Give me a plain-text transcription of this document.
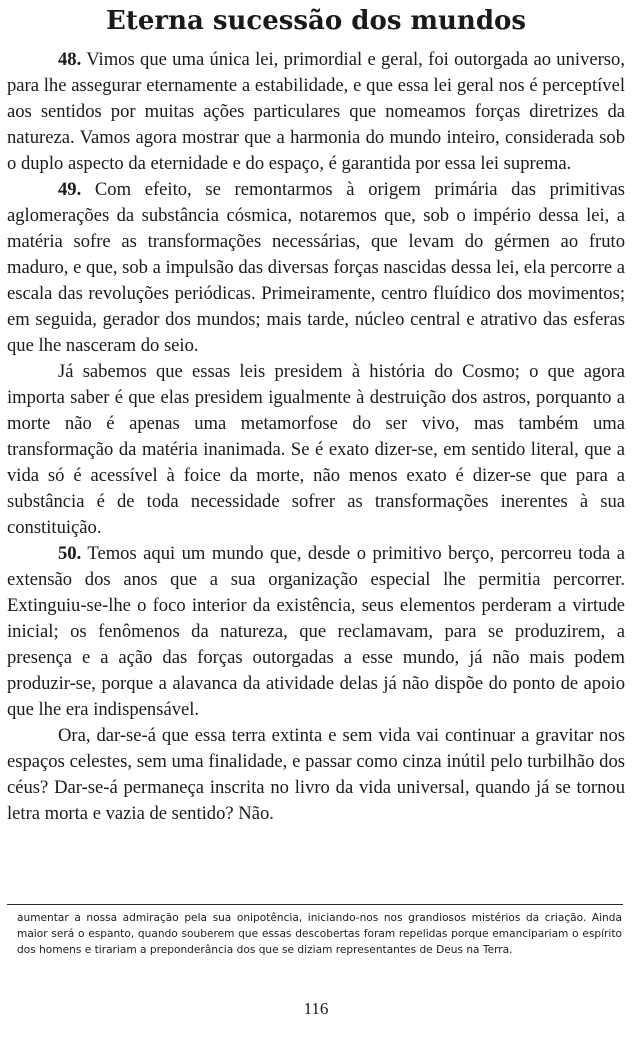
Eterna sucessão dos mundos

48. Vimos que uma única lei, primordial e geral, foi outorgada ao universo, para lhe assegurar eternamente a estabilidade, e que essa lei geral nos é perceptível aos sentidos por muitas ações particulares que nomeamos forças diretrizes da natureza. Vamos agora mostrar que a harmonia do mundo inteiro, considerada sob o duplo aspecto da eternidade e do espaço, é garantida por essa lei suprema.

49. Com efeito, se remontarmos à origem primária das primitivas aglomerações da substância cósmica, notaremos que, sob o império dessa lei, a matéria sofre as transformações necessárias, que levam do gérmen ao fruto maduro, e que, sob a impulsão das diversas forças nascidas dessa lei, ela percorre a escala das revoluções periódicas. Primeiramente, centro fluídico dos movimentos; em seguida, gerador dos mundos; mais tarde, núcleo central e atrativo das esferas que lhe nasceram do seio.

Já sabemos que essas leis presidem à história do Cosmo; o que agora importa saber é que elas presidem igualmente à destruição dos astros, porquanto a morte não é apenas uma metamorfose do ser vivo, mas também uma transformação da matéria inanimada. Se é exato dizer-se, em sentido literal, que a vida só é acessível à foice da morte, não menos exato é dizer-se que para a substância é de toda necessidade sofrer as transformações inerentes à sua constituição.

50. Temos aqui um mundo que, desde o primitivo berço, percorreu toda a extensão dos anos que a sua organização especial lhe permitia percorrer. Extinguiu-se-lhe o foco interior da existência, seus elementos perderam a virtude inicial; os fenômenos da natureza, que reclamavam, para se produzirem, a presença e a ação das forças outorgadas a esse mundo, já não mais podem produzir-se, porque a alavanca da atividade delas já não dispõe do ponto de apoio que lhe era indispensável.

Ora, dar-se-á que essa terra extinta e sem vida vai continuar a gravitar nos espaços celestes, sem uma finalidade, e passar como cinza inútil pelo turbilhão dos céus? Dar-se-á permaneça inscrita no livro da vida universal, quando já se tornou letra morta e vazia de sentido? Não.

aumentar a nossa admiração pela sua onipotência, iniciando-nos nos grandiosos mistérios da criação. Ainda maior será o espanto, quando souberem que essas descobertas foram repelidas porque emancipariam o espírito dos homens e tirariam a preponderância dos que se diziam representantes de Deus na Terra.

116
